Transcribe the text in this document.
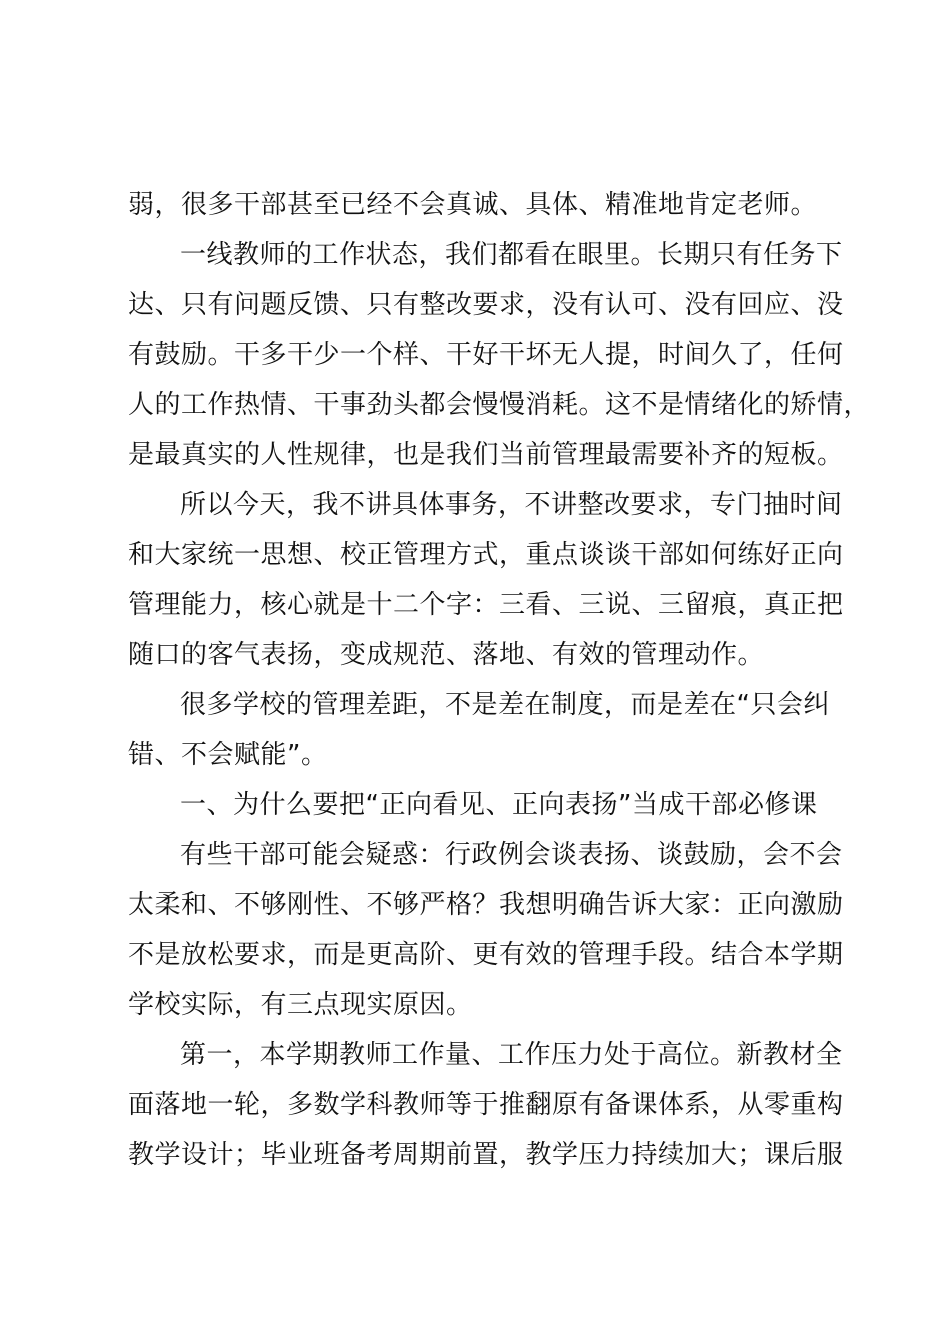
弱，很多干部甚至已经不会真诚、具体、精准地肯定老师。
一线教师的工作状态，我们都看在眼里。长期只有任务下
达、只有问题反馈、只有整改要求，没有认可、没有回应、没
有鼓励。干多干少一个样、干好干坏无人提，时间久了，任何
人的工作热情、干事劲头都会慢慢消耗。这不是情绪化的矫情，
是最真实的人性规律，也是我们当前管理最需要补齐的短板。
所以今天，我不讲具体事务，不讲整改要求，专门抽时间
和大家统一思想、校正管理方式，重点谈谈干部如何练好正向
管理能力，核心就是十二个字：三看、三说、三留痕，真正把
随口的客气表扬，变成规范、落地、有效的管理动作。
很多学校的管理差距，不是差在制度，而是差在“只会纠
错、不会赋能”。
一、为什么要把“正向看见、正向表扬”当成干部必修课
有些干部可能会疑惑：行政例会谈表扬、谈鼓励，会不会
太柔和、不够刚性、不够严格？我想明确告诉大家：正向激励
不是放松要求，而是更高阶、更有效的管理手段。结合本学期
学校实际，有三点现实原因。
第一，本学期教师工作量、工作压力处于高位。新教材全
面落地一轮，多数学科教师等于推翻原有备课体系，从零重构
教学设计；毕业班备考周期前置，教学压力持续加大；课后服
